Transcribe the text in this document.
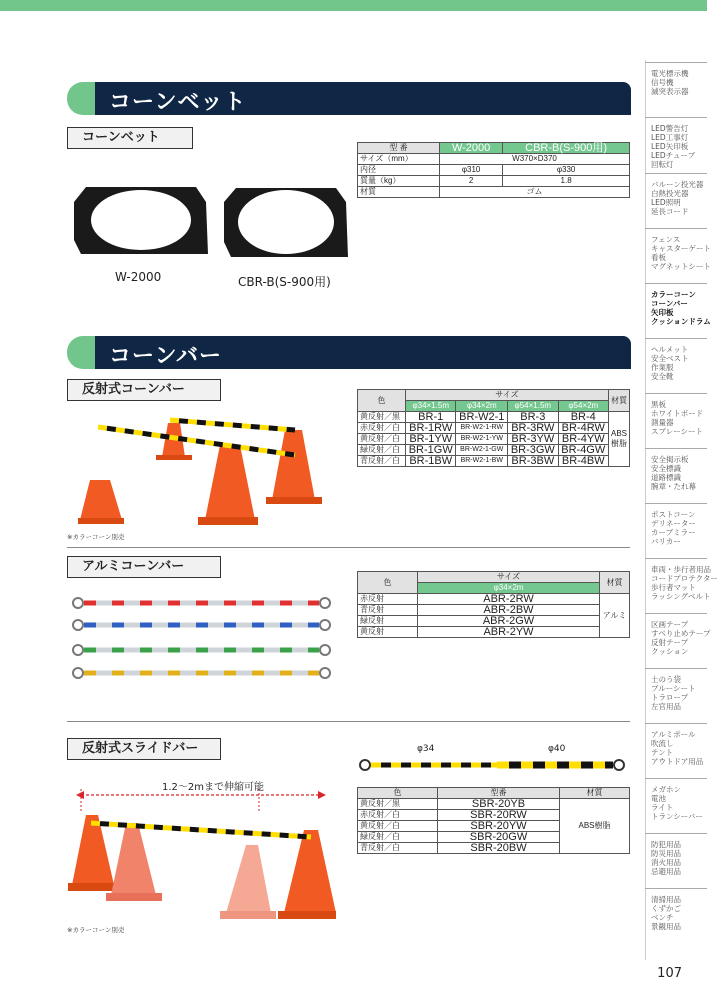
電光標示機
信号機
滅突表示器
LED警告灯
LED工事灯
LED矢印板
LEDチューブ
回転灯
バルーン投光器
白熱投光器
LED照明
延長コード
フェンス
キャスターゲート
看板
マグネットシート
カラーコーン
コーンバー
矢印板
クッションドラム
ヘルメット
安全ベスト
作業服
安全靴
黒板
ホワイトボード
測量器
スプレーシート
安全掲示板
安全標識
道路標識
腕章・たれ幕
ポストコーン
デリネーター
カーブミラー
バリカー
車両・歩行者用品
コードプロテクター
歩行者マット
ラッシングベルト
区画テープ
すべり止めテープ
反射テープ
クッション
土のう袋
ブルーシート
トラロープ
左官用品
アルミポール
吹流し
テント
アウトドア用品
メガホン
電池
ライト
トランシーバー
防犯用品
防災用品
消火用品
忌避用品
清掃用品
くずかご
ベンチ
景観用品
コーンベット
コーンベット
W-2000	CBR-B(S-900用)
型 番	W-2000	CBR-B(S-900用)
サイズ（mm）	W370×D370	
内径	φ310	φ330
質量（kg）	2	1.8
材質	ゴム	
コーンバー
反射式コーンバー
※カラーコーン別売
色	サイズ				材質
	φ34×1.5m	φ34×2m	φ54×1.5m	φ54×2m	
黄反射／黒	BR-1	BR-W2-1	BR-3	BR-4	ABS樹脂
赤反射／白	BR-1RW	BR-W2-1-RW	BR-3RW	BR-4RW	
黄反射／白	BR-1YW	BR-W2-1-YW	BR-3YW	BR-4YW	
緑反射／白	BR-1GW	BR-W2-1-GW	BR-3GW	BR-4GW	
青反射／白	BR-1BW	BR-W2-1-BW	BR-3BW	BR-4BW	
アルミコーンバー
色	サイズ	材質
	φ34×2m	
赤反射	ABR-2RW	アルミ
青反射	ABR-2BW	
緑反射	ABR-2GW	
黄反射	ABR-2YW	
反射式スライドバー
1.2～2mまで伸縮可能
※カラーコーン別売
φ34	φ40
色	型番	材質
黄反射／黒	SBR-20YB	ABS樹脂
赤反射／白	SBR-20RW	
黄反射／白	SBR-20YW	
緑反射／白	SBR-20GW	
青反射／白	SBR-20BW	
107
